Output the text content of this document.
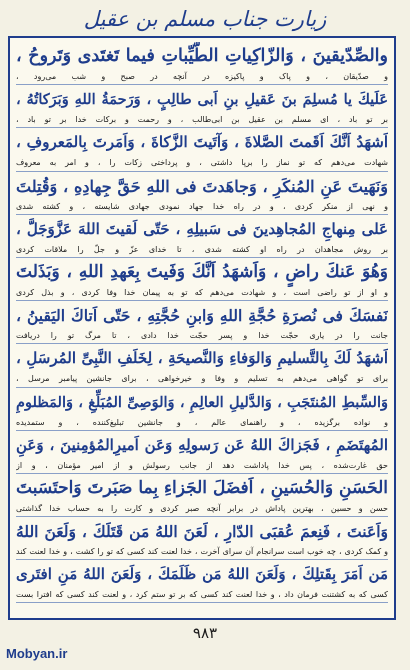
زیارت جناب مسلم بن عقیل
والصِّدّيقينَ ، وَالزّاكِياتِ الطَّيِّباتِ فيما تَغتَدى وَتَروحُ ،
و صدّیقان ، و پاک و پاکیزه در آنچه در صبح و شب می‌رود ،
عَلَيكَ يا مُسلِمَ بنَ عَقيلِ بنِ اَبى طالِبٍ ، وَرَحمَةُ اللهِ وَبَرَكاتُهُ ،
بر تو باد ، ای مسلم بن عقیل بن ابی‌طالب ، و رحمت و برکات خدا بر تو باد ،
اَشهَدُ اَنَّكَ اَقَمتَ الصَّلاةَ ، وَآتَيتَ الزَّكاةَ ، وَاَمَرتَ بِالمَعروفِ ،
شهادت می‌دهم که تو نماز را برپا داشتی ، و پرداختی زکات را ، و امر به معروف
وَنَهَيتَ عَنِ المُنكَرِ ، وَجاهَدتَ فى اللهِ حَقَّ جِهادِهِ ، وَقُتِلتَ
و نهی از منکر کردی ، و در راه خدا جهاد نمودی جهادی شایسته ، و کشته شدی
عَلى مِنهاجِ المُجاهِدينَ فى سَبيلِهِ ، حَتّى لَقيتَ اللهَ عَزَّوَجَلَّ ،
بر روش مجاهدان در راه او کشته شدی ، تا خدای عزّ و جلّ را ملاقات کردی
وَهُوَ عَنكَ راضٍ ، وَاَشهَدُ اَنَّكَ وَفَيتَ بِعَهدِ اللهِ ، وَبَذَلتَ
و او از تو راضی است ، و شهادت می‌دهم که تو به پیمان خدا وفا کردی ، و بذل کردی
نَفسَكَ فى نُصرَةِ حُجَّةِ اللهِ وَابنِ حُجَّتِهِ ، حَتّى اَتاكَ اليَقينُ ،
جانت را در یاری حجّت خدا و پسر حجّت خدا دادی ، تا مرگ تو را دریافت
اَشهَدُ لَكَ بِالتَّسليمِ وَالوَفاءِ وَالنَّصيحَةِ ، لِخَلَفِ النَّبِىِّ المُرسَلِ ،
برای تو گواهی می‌دهم به تسلیم و وفا و خیرخواهی ، برای جانشین پیامبر مرسل ،
وَالسِّبطِ المُنتَجَبِ ، وَالدَّليلِ العالِمِ ، وَالوَصِىِّ المُبَلِّغِ ، وَالمَظلومِ
و نواده برگزیده ، و راهنمای عالم ، و جانشین تبلیغ‌کننده ، و ستمدیده
المُهتَضَمِ ، فَجَزاكَ اللهُ عَن رَسولِهِ وَعَن اَميرِالمُؤمِنينَ ، وَعَنِ
حق غارت‌شده ، پس خدا پاداشت دهد از جانب رسولش و از امیر مؤمنان ، و از
الحَسَنِ وَالحُسَينِ ، اَفضَلَ الجَزاءِ بِما صَبَرتَ وَاحتَسَبتَ
حسن و حسین ، بهترین پاداش در برابر آنچه صبر کردی و کارت را به حساب خدا گذاشتی
وَاَعَنتَ ، فَنِعمَ عُقبَى الدّارِ ، لَعَنَ اللهُ مَن قَتَلَكَ ، وَلَعَنَ اللهُ
و کمک کردی ، چه خوب است سرانجام آن سرای آخرت ، خدا لعنت کند کسی که تو را کشت ، و خدا لعنت کند
مَن اَمَرَ بِقَتلِكَ ، وَلَعَنَ اللهُ مَن ظَلَمَكَ ، وَلَعَنَ اللهُ مَنِ افتَرى
کسی که به کشتنت فرمان داد ، و خدا لعنت کند کسی که بر تو ستم کرد ، و لعنت کند کسی که افترا بست
۹۸۳
Mobyan.ir
